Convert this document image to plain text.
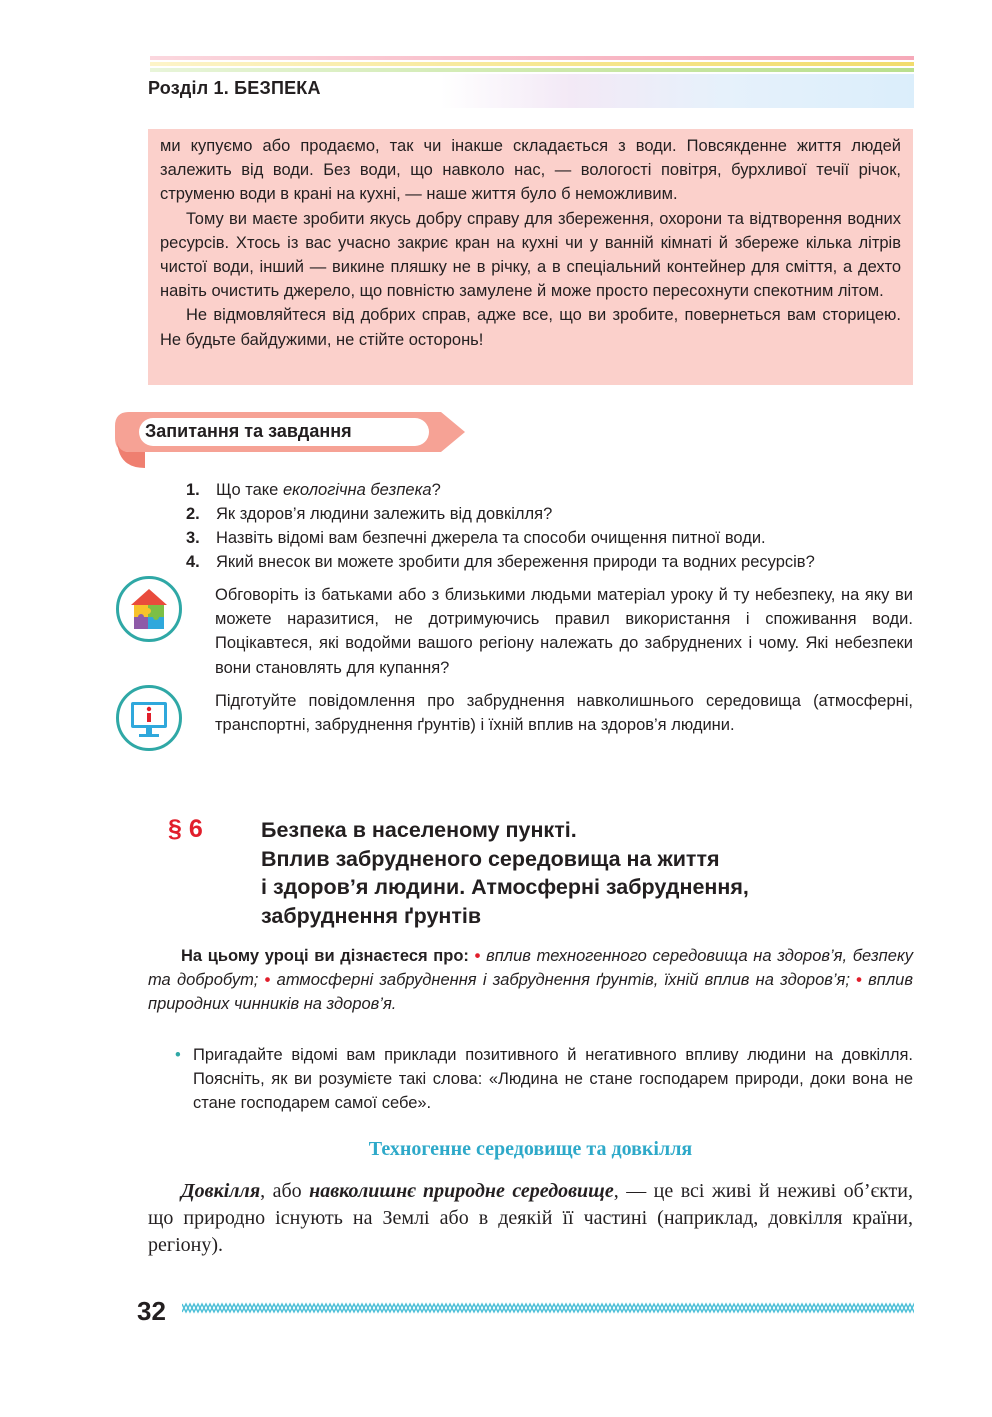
Розділ 1. БЕЗПЕКА

ми купуємо або продаємо, так чи інакше складається з води. Повсякденне життя людей залежить від води. Без води, що навколо нас, — вологості повітря, бурхливої течії річок, струменю води в крані на кухні, — наше життя було б неможливим.

Тому ви маєте зробити якусь добру справу для збереження, охорони та відтворення водних ресурсів. Хтось із вас учасно закриє кран на кухні чи у ванній кімнаті й збереже кілька літрів чистої води, інший — викине пляшку не в річку, а в спеціальний контейнер для сміття, а дехто навіть очистить джерело, що повністю замулене й може просто пересохнути спекотним літом.

Не відмовляйтеся від добрих справ, адже все, що ви зробите, повернеться вам сторицею. Не будьте байдужими, не стійте осторонь!

Запитання та завдання
1. Що таке екологічна безпека?
2. Як здоров’я людини залежить від довкілля?
3. Назвіть відомі вам безпечні джерела та способи очищення питної води.
4. Який внесок ви можете зробити для збереження природи та водних ресурсів?
Обговоріть із батьками або з близькими людьми матеріал уроку й ту небезпеку, на яку ви можете наразитися, не дотримуючись правил використання і споживання води. Поцікавтеся, які водойми вашого регіону належать до забруднених і чому. Які небезпеки вони становлять для купання?
Підготуйте повідомлення про забруднення навколишнього середовища (атмосферні, транспортні, забруднення ґрунтів) і їхній вплив на здоров’я людини.
§ 6	Безпека в населеному пункті.
Вплив забрудненого середовища на життя
і здоров’я людини. Атмосферні забруднення,
забруднення ґрунтів
На цьому уроці ви дізнаєтеся про: • вплив техногенного середовища на здоров’я, безпеку та добробут; • атмосферні забруднення і забруднення ґрунтів, їхній вплив на здоров’я; • вплив природних чинників на здоров’я.
• Пригадайте відомі вам приклади позитивного й негативного впливу людини на довкілля. Поясніть, як ви розумієте такі слова: «Людина не стане господарем природи, доки вона не стане господарем самої себе».
Техногенне середовище та довкілля

Довкілля, або навколишнє природне середовище, — це всі живі й неживі об’єкти, що природно існують на Землі або в деякій її частині (наприклад, довкілля країни, регіону).

32
